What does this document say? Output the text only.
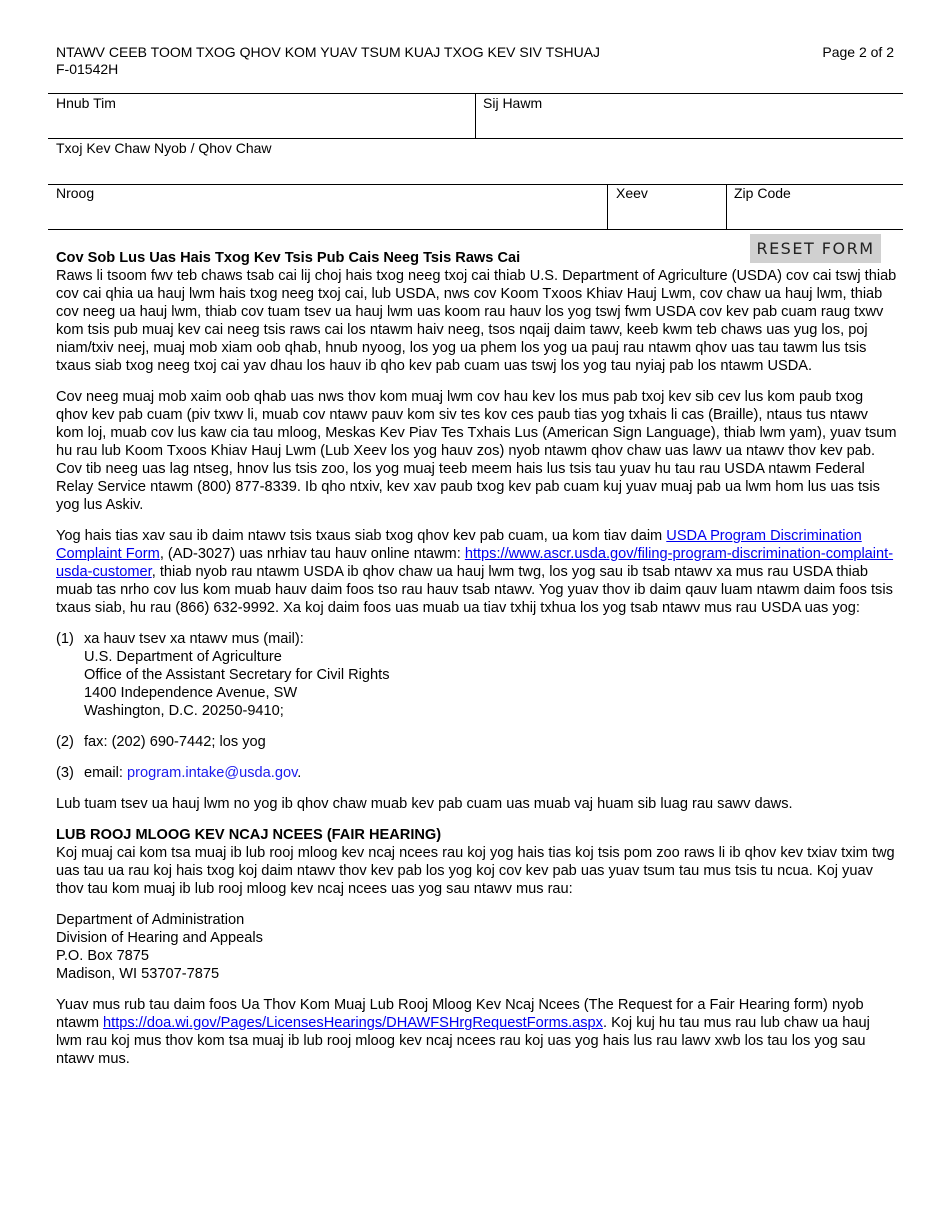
NTAWV CEEB TOOM TXOG QHOV KOM YUAV TSUM KUAJ TXOG KEV SIV TSHUAJ
F-01542H
Page 2 of 2
Hnub Tim	Sij Hawm
Txoj Kev Chaw Nyob / Qhov Chaw
Nroog	Xeev	Zip Code
RESET FORM

Cov Sob Lus Uas Hais Txog Kev Tsis Pub Cais Neeg Tsis Raws Cai
Raws li tsoom fwv teb chaws tsab cai lij choj hais txog neeg txoj cai thiab U.S. Department of Agriculture (USDA) cov cai tswj thiab cov cai qhia ua hauj lwm hais txog neeg txoj cai, lub USDA, nws cov Koom Txoos Khiav Hauj Lwm, cov chaw ua hauj lwm, thiab cov neeg ua hauj lwm, thiab cov tuam tsev ua hauj lwm uas koom rau hauv los yog tswj fwm USDA cov kev pab cuam raug txwv kom tsis pub muaj kev cai neeg tsis raws cai los ntawm haiv neeg, tsos nqaij daim tawv, keeb kwm teb chaws uas yug los, poj niam/txiv neej, muaj mob xiam oob qhab, hnub nyoog, los yog ua phem los yog ua pauj rau ntawm qhov uas tau tawm lus tsis txaus siab txog neeg txoj cai yav dhau los hauv ib qho kev pab cuam uas tswj los yog tau nyiaj pab los ntawm USDA.

Cov neeg muaj mob xaim oob qhab uas nws thov kom muaj lwm cov hau kev los mus pab txoj kev sib cev lus kom paub txog qhov kev pab cuam (piv txwv li, muab cov ntawv pauv kom siv tes kov ces paub tias yog txhais li cas (Braille), ntaus tus ntawv kom loj, muab cov lus kaw cia tau mloog, Meskas Kev Piav Tes Txhais Lus (American Sign Language), thiab lwm yam), yuav tsum hu rau lub Koom Txoos Khiav Hauj Lwm (Lub Xeev los yog hauv zos) nyob ntawm qhov chaw uas lawv ua ntawv thov kev pab. Cov tib neeg uas lag ntseg, hnov lus tsis zoo, los yog muaj teeb meem hais lus tsis tau yuav hu tau rau USDA ntawm Federal Relay Service ntawm (800) 877-8339. Ib qho ntxiv, kev xav paub txog kev pab cuam kuj yuav muaj pab ua lwm hom lus uas tsis yog lus Askiv.

Yog hais tias xav sau ib daim ntawv tsis txaus siab txog qhov kev pab cuam, ua kom tiav daim USDA Program Discrimination Complaint Form, (AD-3027) uas nrhiav tau hauv online ntawm: https://www.ascr.usda.gov/filing-program-discrimination-complaint-usda-customer, thiab nyob rau ntawm USDA ib qhov chaw ua hauj lwm twg, los yog sau ib tsab ntawv xa mus rau USDA thiab muab tas nrho cov lus kom muab hauv daim foos tso rau hauv tsab ntawv. Yog yuav thov ib daim qauv luam ntawm daim foos tsis txaus siab, hu rau (866) 632-9992. Xa koj daim foos uas muab ua tiav txhij txhua los yog tsab ntawv mus rau USDA uas yog:

(1) xa hauv tsev xa ntawv mus (mail):
U.S. Department of Agriculture
Office of the Assistant Secretary for Civil Rights
1400 Independence Avenue, SW
Washington, D.C. 20250-9410;
(2) fax: (202) 690-7442; los yog
(3) email: program.intake@usda.gov.

Lub tuam tsev ua hauj lwm no yog ib qhov chaw muab kev pab cuam uas muab vaj huam sib luag rau sawv daws.

LUB ROOJ MLOOG KEV NCAJ NCEES (FAIR HEARING)
Koj muaj cai kom tsa muaj ib lub rooj mloog kev ncaj ncees rau koj yog hais tias koj tsis pom zoo raws li ib qhov kev txiav txim twg uas tau ua rau koj hais txog koj daim ntawv thov kev pab los yog koj cov kev pab uas yuav tsum tau mus tsis tu ncua. Koj yuav thov tau kom muaj ib lub rooj mloog kev ncaj ncees uas yog sau ntawv mus rau:

Department of Administration
Division of Hearing and Appeals
P.O. Box 7875
Madison, WI 53707-7875

Yuav mus rub tau daim foos Ua Thov Kom Muaj Lub Rooj Mloog Kev Ncaj Ncees (The Request for a Fair Hearing form) nyob ntawm https://doa.wi.gov/Pages/LicensesHearings/DHAWFSHrgRequestForms.aspx. Koj kuj hu tau mus rau lub chaw ua hauj lwm rau koj mus thov kom tsa muaj ib lub rooj mloog kev ncaj ncees rau koj uas yog hais lus rau lawv xwb los tau los yog sau ntawv mus.
